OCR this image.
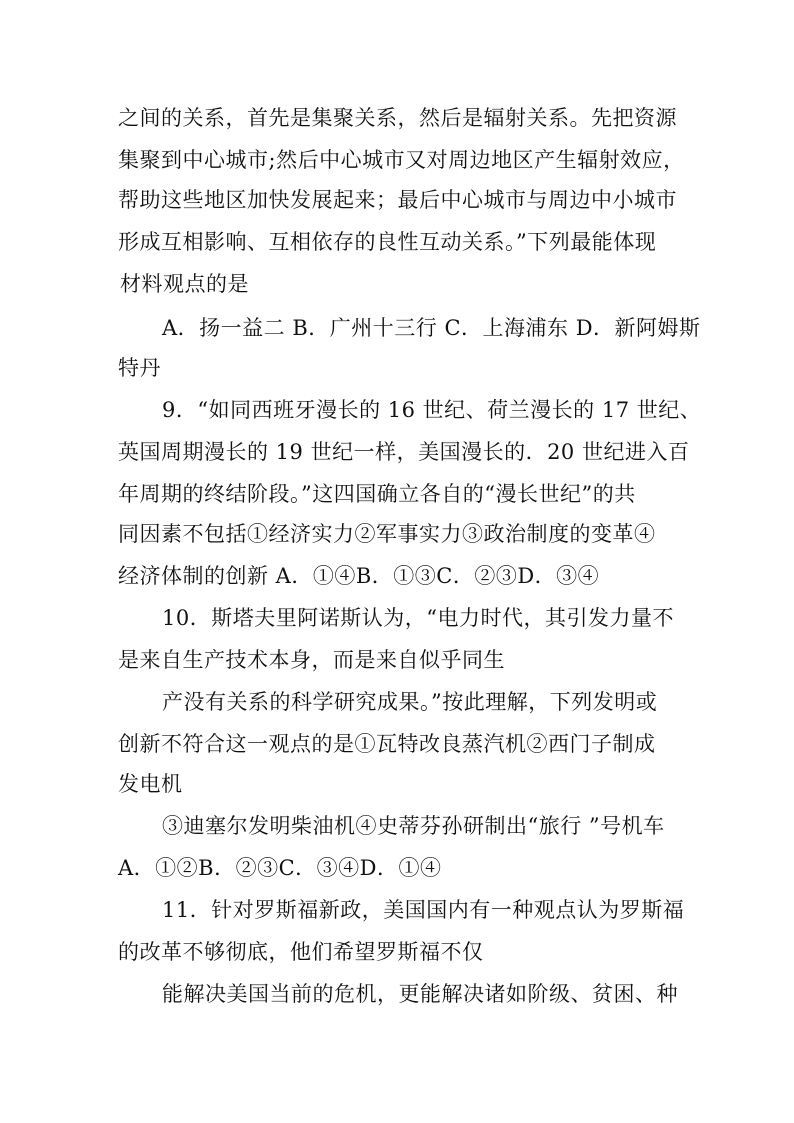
之间的关系，首先是集聚关系，然后是辐射关系。先把资源
集聚到中心城市;然后中心城市又对周边地区产生辐射效应，
帮助这些地区加快发展起来；最后中心城市与周边中小城市
形成互相影响、互相依存的良性互动关系。”下列最能体现
材料观点的是
A．扬一益二 B．广州十三行 C．上海浦东 D．新阿姆斯
特丹
9．“如同西班牙漫长的 16 世纪、荷兰漫长的 17 世纪、
英国周期漫长的 19 世纪一样，美国漫长的．20 世纪进入百
年周期的终结阶段。”这四国确立各自的“漫长世纪”的共
同因素不包括①经济实力②军事实力③政治制度的变革④
经济体制的创新 A．①④B．①③C．②③D．③④
10．斯塔夫里阿诺斯认为，“电力时代，其引发力量不
是来自生产技术本身，而是来自似乎同生
产没有关系的科学研究成果。”按此理解，下列发明或
创新不符合这一观点的是①瓦特改良蒸汽机②西门子制成
发电机
③迪塞尔发明柴油机④史蒂芬孙研制出“旅行 ”号机车
A．①②B．②③C．③④D．①④
11．针对罗斯福新政，美国国内有一种观点认为罗斯福
的改革不够彻底，他们希望罗斯福不仅
能解决美国当前的危机，更能解决诸如阶级、贫困、种
